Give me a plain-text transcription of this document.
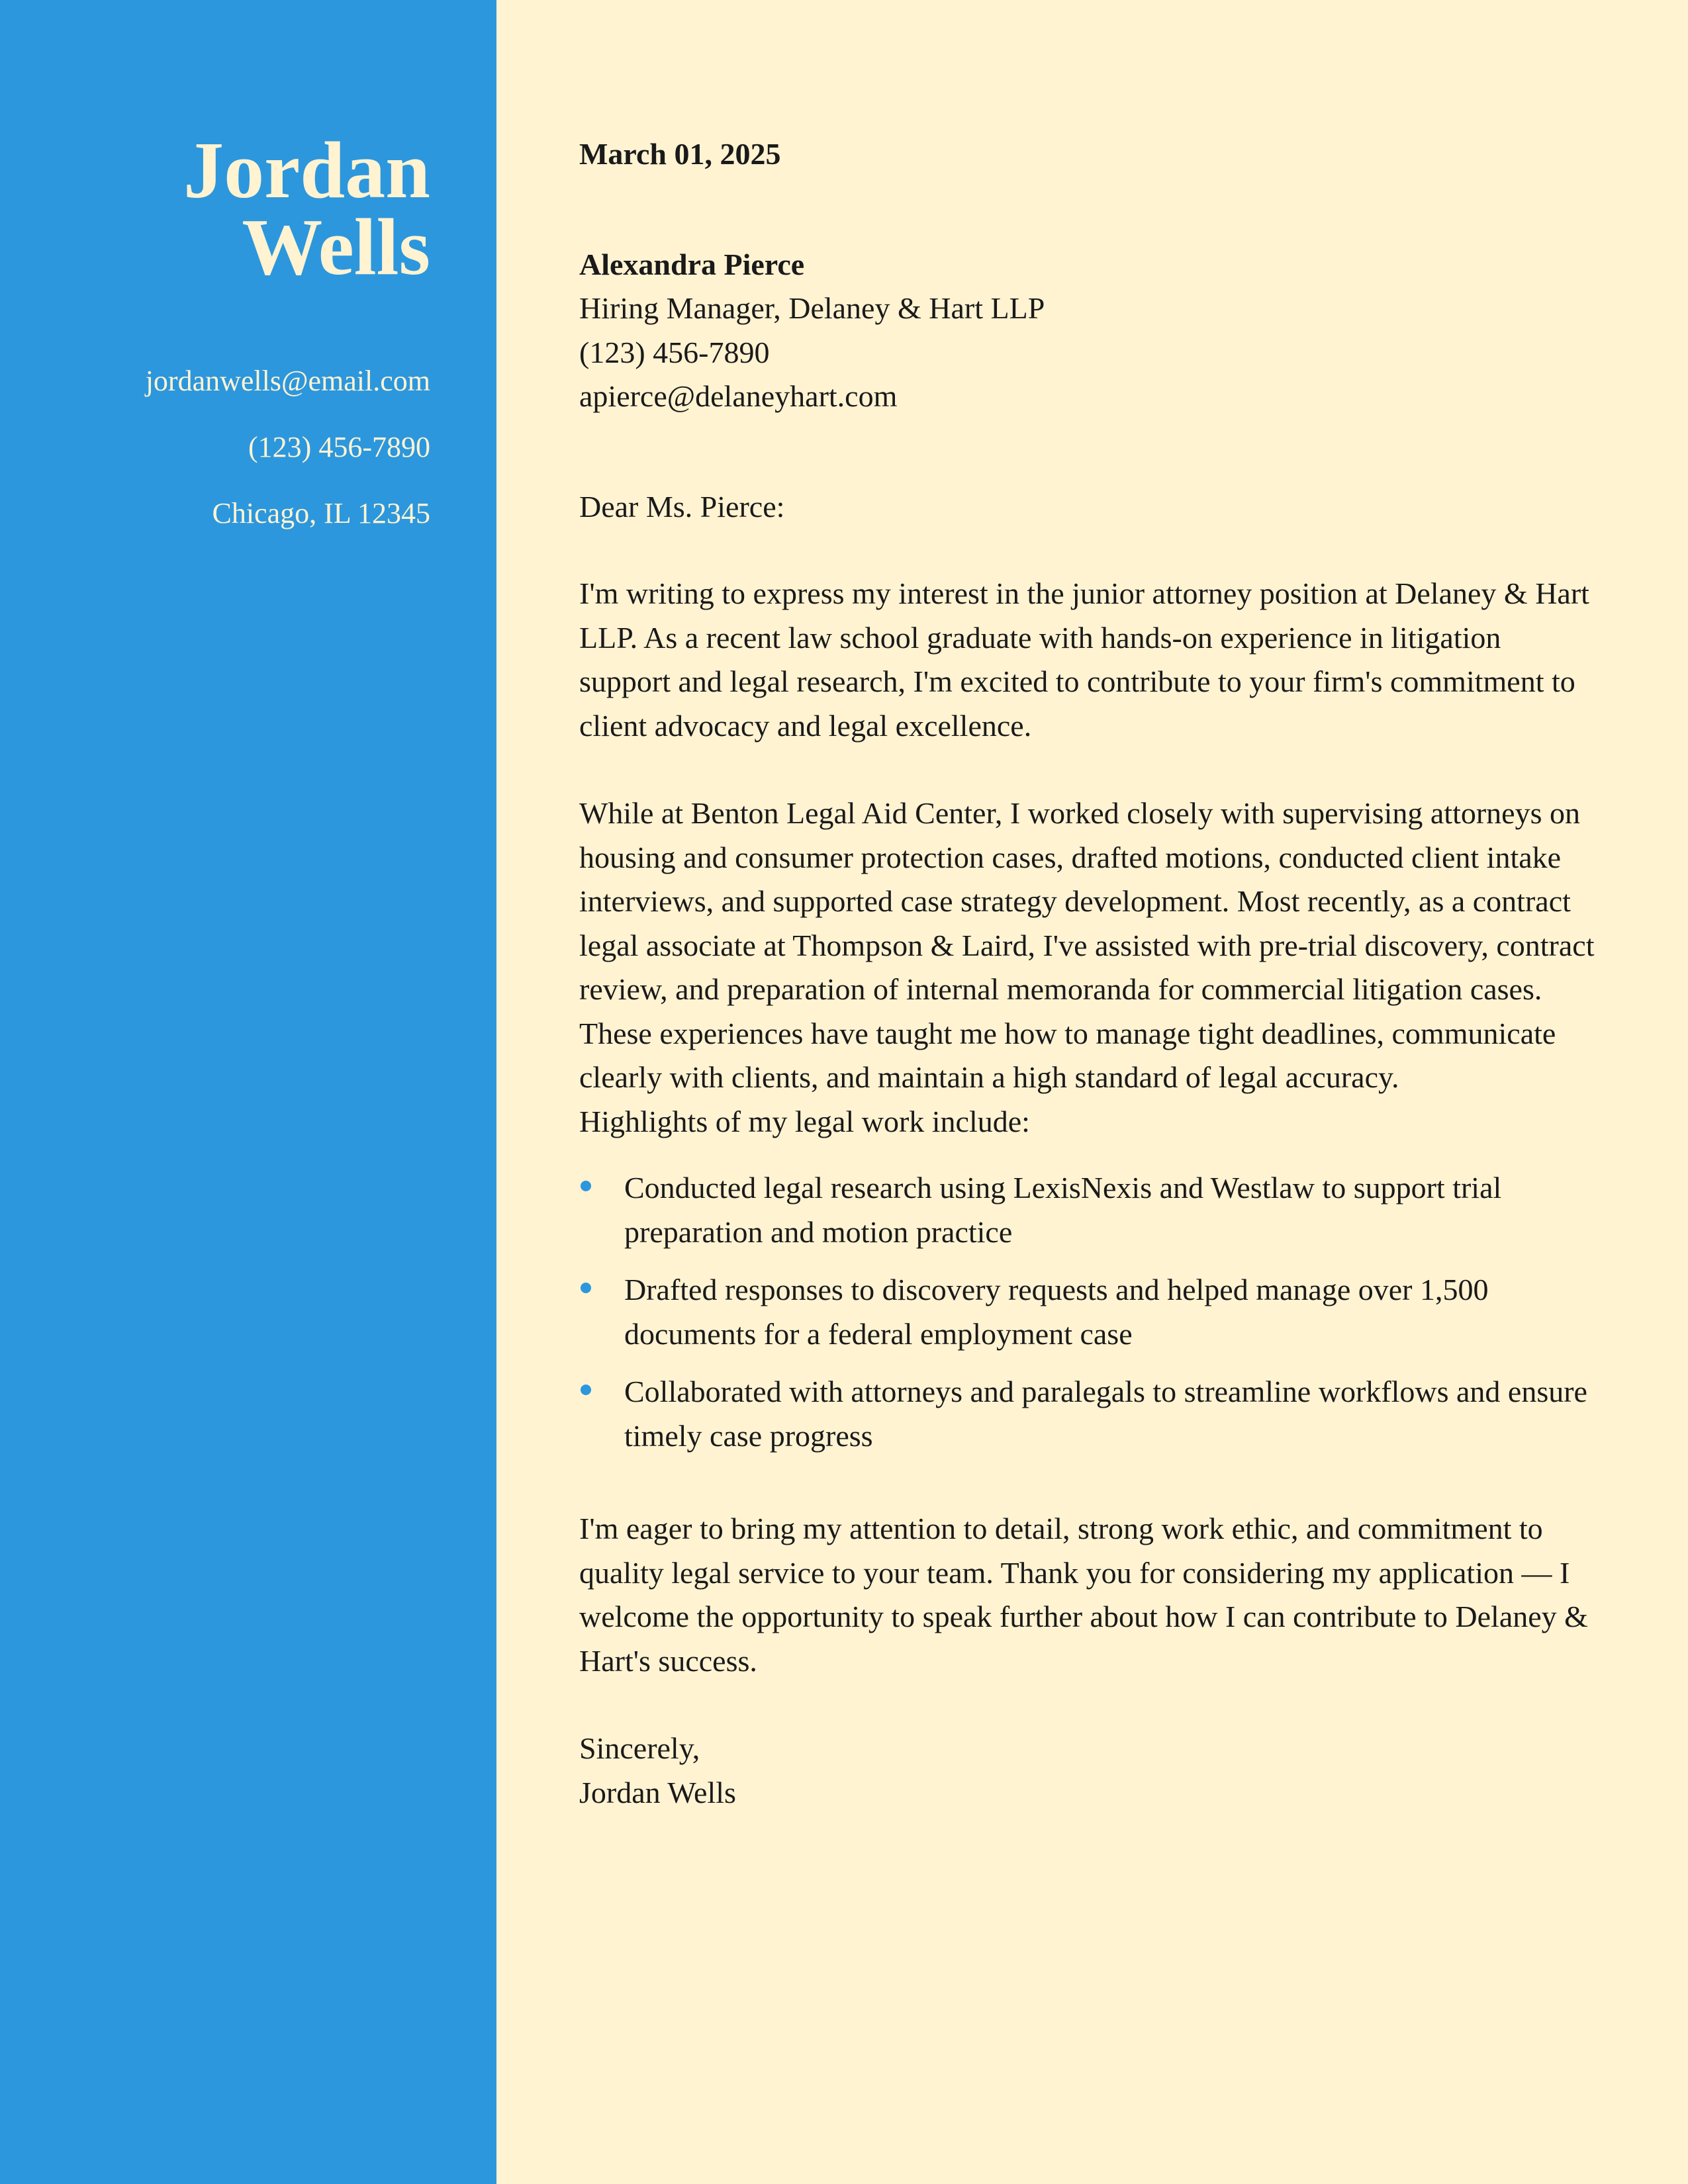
Jordan
Wells
jordanwells@email.com
(123) 456-7890
Chicago, IL 12345
March 01, 2025
Alexandra Pierce
Hiring Manager, Delaney & Hart LLP
(123) 456-7890
apierce@delaneyhart.com
Dear Ms. Pierce:

I'm writing to express my interest in the junior attorney position at Delaney & Hart LLP. As a recent law school graduate with hands-on experience in litigation support and legal research, I'm excited to contribute to your firm's commitment to client advocacy and legal excellence.

While at Benton Legal Aid Center, I worked closely with supervising attorneys on housing and consumer protection cases, drafted motions, conducted client intake interviews, and supported case strategy development. Most recently, as a contract legal associate at Thompson & Laird, I've assisted with pre-trial discovery, contract review, and preparation of internal memoranda for commercial litigation cases. These experiences have taught me how to manage tight deadlines, communicate clearly with clients, and maintain a high standard of legal accuracy.

Highlights of my legal work include:

Conducted legal research using LexisNexis and Westlaw to support trial preparation and motion practice
Drafted responses to discovery requests and helped manage over 1,500 documents for a federal employment case
Collaborated with attorneys and paralegals to streamline workflows and ensure timely case progress

I'm eager to bring my attention to detail, strong work ethic, and commitment to quality legal service to your team. Thank you for considering my application — I welcome the opportunity to speak further about how I can contribute to Delaney & Hart's success.

Sincerely,
Jordan Wells
